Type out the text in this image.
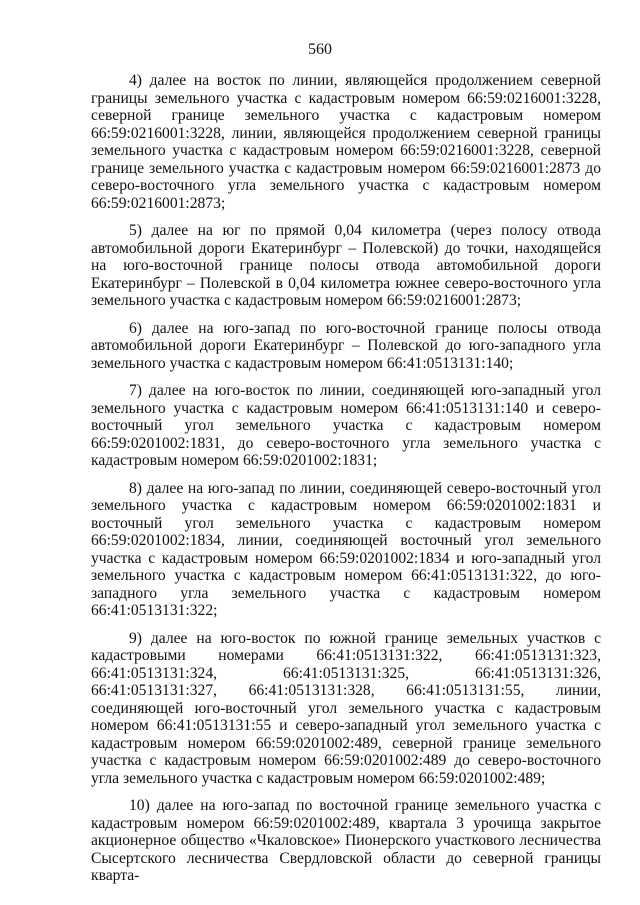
560

4) далее на восток по линии, являющейся продолжением северной границы земельного участка с кадастровым номером 66:59:0216001:3228, северной границе земельного участка с кадастровым номером 66:59:0216001:3228, линии, являющейся продолжением северной границы земельного участка с кадастровым номером 66:59:0216001:3228, северной границе земельного участка с кадастровым номером 66:59:0216001:2873 до северо-восточного угла земельного участка с кадастровым номером 66:59:0216001:2873;

5) далее на юг по прямой 0,04 километра (через полосу отвода автомобильной дороги Екатеринбург – Полевской) до точки, находящейся на юго-восточной границе полосы отвода автомобильной дороги Екатеринбург – Полевской в 0,04 километра южнее северо-восточного угла земельного участка с кадастровым номером 66:59:0216001:2873;

6) далее на юго-запад по юго-восточной границе полосы отвода автомобильной дороги Екатеринбург – Полевской до юго-западного угла земельного участка с кадастровым номером 66:41:0513131:140;

7) далее на юго-восток по линии, соединяющей юго-западный угол земельного участка с кадастровым номером 66:41:0513131:140 и северо-восточный угол земельного участка с кадастровым номером 66:59:0201002:1831, до северо-восточного угла земельного участка с кадастровым номером 66:59:0201002:1831;

8) далее на юго-запад по линии, соединяющей северо-восточный угол земельного участка с кадастровым номером 66:59:0201002:1831 и восточный угол земельного участка с кадастровым номером 66:59:0201002:1834, линии, соединяющей восточный угол земельного участка с кадастровым номером 66:59:0201002:1834 и юго-западный угол земельного участка с кадастровым номером 66:41:0513131:322, до юго-западного угла земельного участка с кадастровым номером 66:41:0513131:322;

9) далее на юго-восток по южной границе земельных участков с кадастровыми номерами 66:41:0513131:322, 66:41:0513131:323, 66:41:0513131:324, 66:41:0513131:325, 66:41:0513131:326, 66:41:0513131:327, 66:41:0513131:328, 66:41:0513131:55, линии, соединяющей юго-восточный угол земельного участка с кадастровым номером 66:41:0513131:55 и северо-западный угол земельного участка с кадастровым номером 66:59:0201002:489, северной границе земельного участка с кадастровым номером 66:59:0201002:489 до северо-восточного угла земельного участка с кадастровым номером 66:59:0201002:489;

10) далее на юго-запад по восточной границе земельного участка с кадастровым номером 66:59:0201002:489, квартала 3 урочища закрытое акционерное общество «Чкаловское» Пионерского участкового лесничества Сысертского лесничества Свердловской области до северной границы кварта-
